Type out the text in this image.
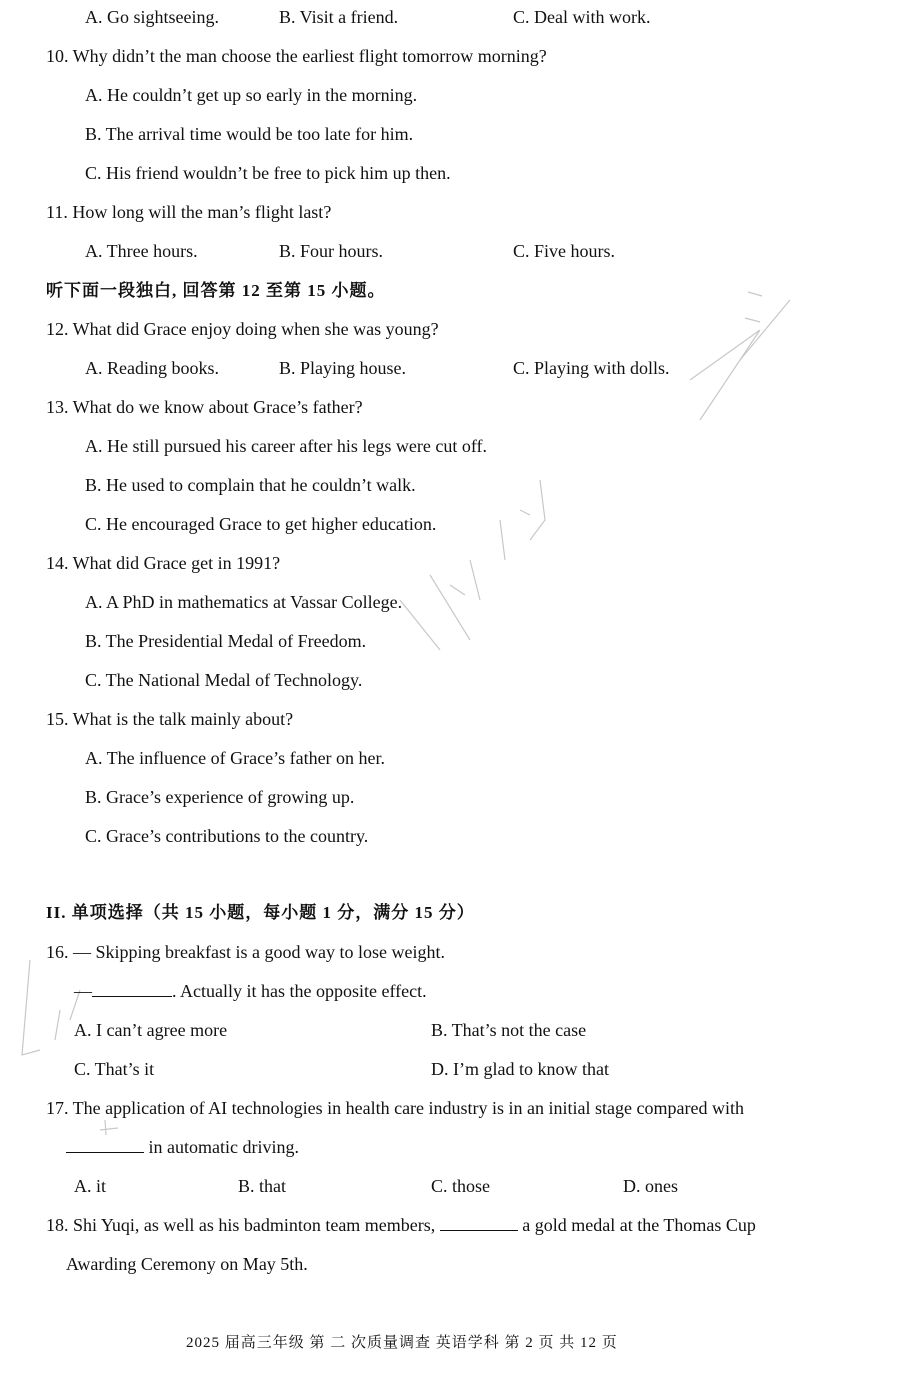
A. Go sightseeing.	B. Visit a friend.	C. Deal with work.
10. Why didn’t the man choose the earliest flight tomorrow morning?
A. He couldn’t get up so early in the morning.
B. The arrival time would be too late for him.
C. His friend wouldn’t be free to pick him up then.
11. How long will the man’s flight last?
A. Three hours.	B. Four hours.	C. Five hours.
听下面一段独白, 回答第 12 至第 15 小题。
12. What did Grace enjoy doing when she was young?
A. Reading books.	B. Playing house.	C. Playing with dolls.
13. What do we know about Grace’s father?
A. He still pursued his career after his legs were cut off.
B. He used to complain that he couldn’t walk.
C. He encouraged Grace to get higher education.
14. What did Grace get in 1991?
A. A PhD in mathematics at Vassar College.
B. The Presidential Medal of Freedom.
C. The National Medal of Technology.
15. What is the talk mainly about?
A. The influence of Grace’s father on her.
B. Grace’s experience of growing up.
C. Grace’s contributions to the country.
II. 单项选择（共 15 小题，每小题 1 分，满分 15 分）
16. — Skipping breakfast is a good way to lose weight.
—	. Actually it has the opposite effect.
A. I can’t agree more	B. That’s not the case
C. That’s it	D. I’m glad to know that
17. The application of AI technologies in health care industry is in an initial stage compared with
in automatic driving.
A. it	B. that	C. those	D. ones
18. Shi Yuqi, as well as his badminton team members,	a gold medal at the Thomas Cup
Awarding Ceremony on May 5th.
2025 届高三年级 第 二 次质量调查 英语学科 第 2 页 共 12 页
